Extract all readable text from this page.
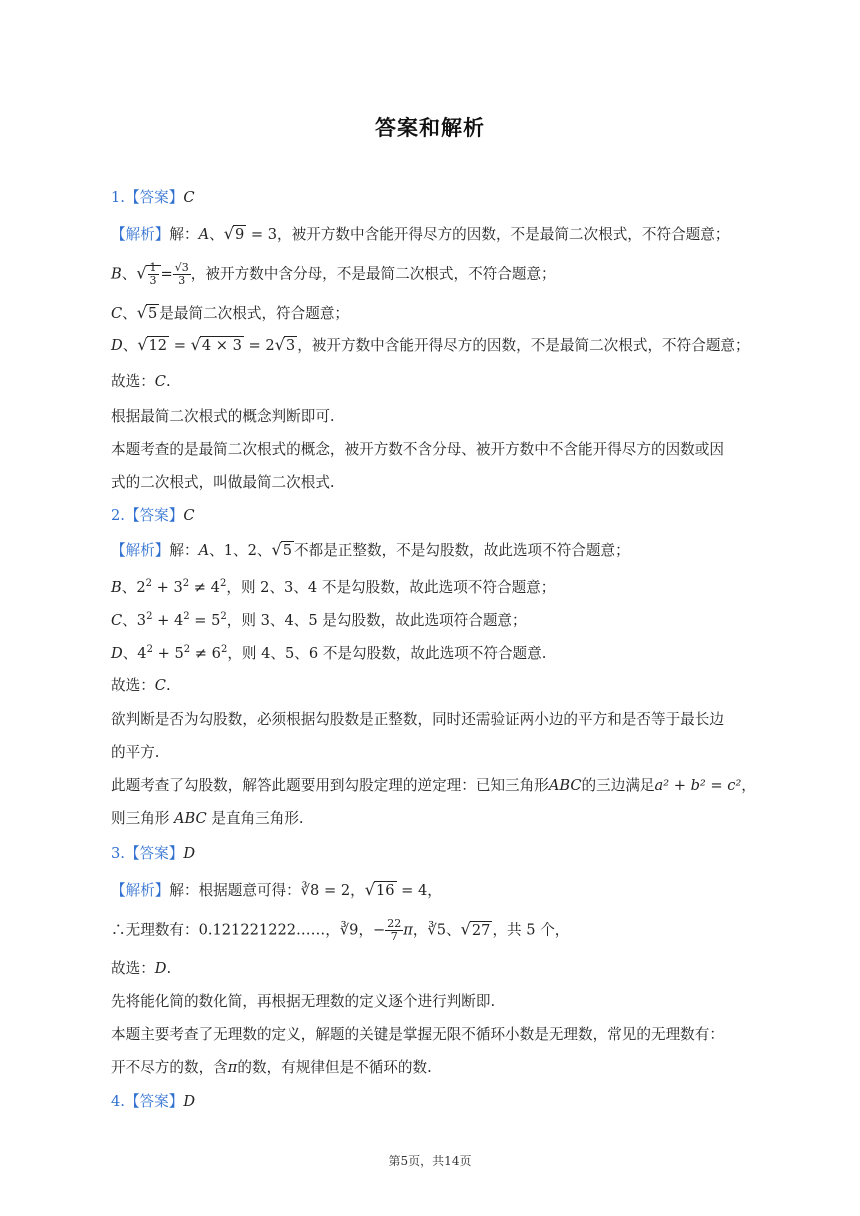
答案和解析
1.【答案】C
【解析】解：A、√9 = 3，被开方数中含能开得尽方的因数，不是最简二次根式，不符合题意；
B、√ $\frac{1}{3} = \frac{√3}{3}$ ，被开方数中含分母，不是最简二次根式，不符合题意；
C、√5 是最简二次根式，符合题意；
D、√12 = √4 × 3 = 2√3 ，被开方数中含能开得尽方的因数，不是最简二次根式，不符合题意；
故选：C.
根据最简二次根式的概念判断即可.
本题考查的是最简二次根式的概念，被开方数不含分母、被开方数中不含能开得尽方的因数或因
式的二次根式，叫做最简二次根式.
2.【答案】C
【解析】解：A、1、2、√5 不都是正整数，不是勾股数，故此选项不符合题意；
B、$2^2 + 3^2 \ne 4^2$，则 2、3、4 不是勾股数，故此选项不符合题意；
C、$3^2 + 4^2 = 5^2$，则 3、4、5 是勾股数，故此选项符合题意；
D、$4^2 + 5^2 \ne 6^2$，则 4、5、6 不是勾股数，故此选项不符合题意.
故选：C.
欲判断是否为勾股数，必须根据勾股数是正整数，同时还需验证两小边的平方和是否等于最长边
的平方.
此题考查了勾股数，解答此题要用到勾股定理的逆定理：已知三角形ABC的三边满足a² + b² = c²，
则三角形 ABC 是直角三角形.
3.【答案】D
【解析】解：根据题意可得：∛8 = 2，√16 = 4，
∴无理数有：0.121221222……，∛9，− $\frac{22}{7}$ π，∛5、√27 ，共 5 个，
故选：D.
先将能化简的数化简，再根据无理数的定义逐个进行判断即.
本题主要考查了无理数的定义，解题的关键是掌握无限不循环小数是无理数，常见的无理数有：
开不尽方的数，含π的数，有规律但是不循环的数.
4.【答案】D
第5页，共14页
